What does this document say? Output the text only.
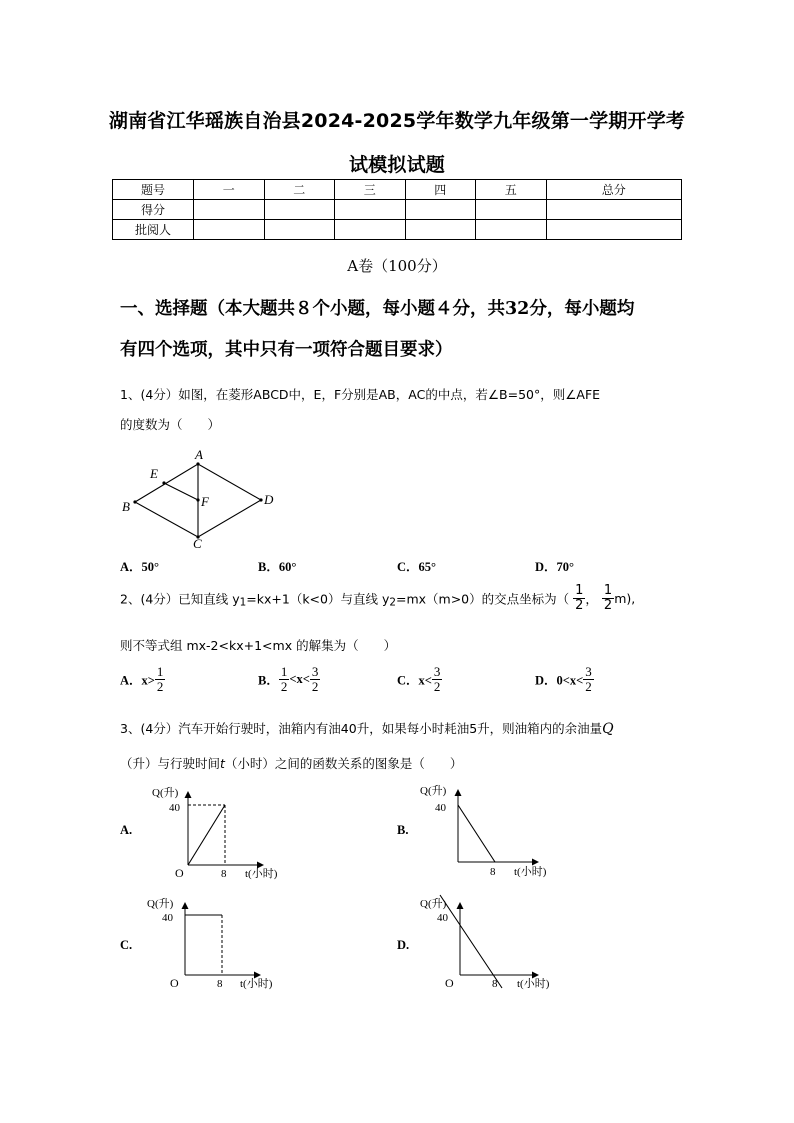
湖南省江华瑶族自治县2024-2025学年数学九年级第一学期开学考
试模拟试题
题号	一	二	三	四	五	总分
得分						
批阅人						
A卷（100分）
一、选择题（本大题共８个小题，每小题４分，共32分，每小题均
有四个选项，其中只有一项符合题目要求）
1、(4分）如图，在菱形ABCD中，E，F分别是AB，AC的中点，若∠B=50°，则∠AFE
的度数为（　　）
A
B
C
D
E
F
A．50°	B．60°	C．65°	D．70°
2、(4分）已知直线 $y_1=kx+1(k<0)$与直线 $y_2=mx(m>0)$的交点坐标为（ $\frac{1}{2}$ ， $\frac{1}{2} m$),
则不等式组 mx-2<kx+1<mx 的解集为（　　）
A．$x> \frac{1}{2}$	B． $\frac{1}{2} <x< \frac{3}{2}$	C．$x< \frac{3}{2}$	D．$0<x< \frac{3}{2}$
3、(4分）汽车开始行驶时，油箱内有油40升，如果每小时耗油5升，则油箱内的余油量Q
（升）与行驶时间t（小时）之间的函数关系的图象是（　　）
A.	B.
C.	D.
Q(升)
40
O	8 t(小时)
Q(升)
40
8 t(小时)
Q(升)
40
O	8 t(小时)
Q(升)
40
O	8 t(小时)
